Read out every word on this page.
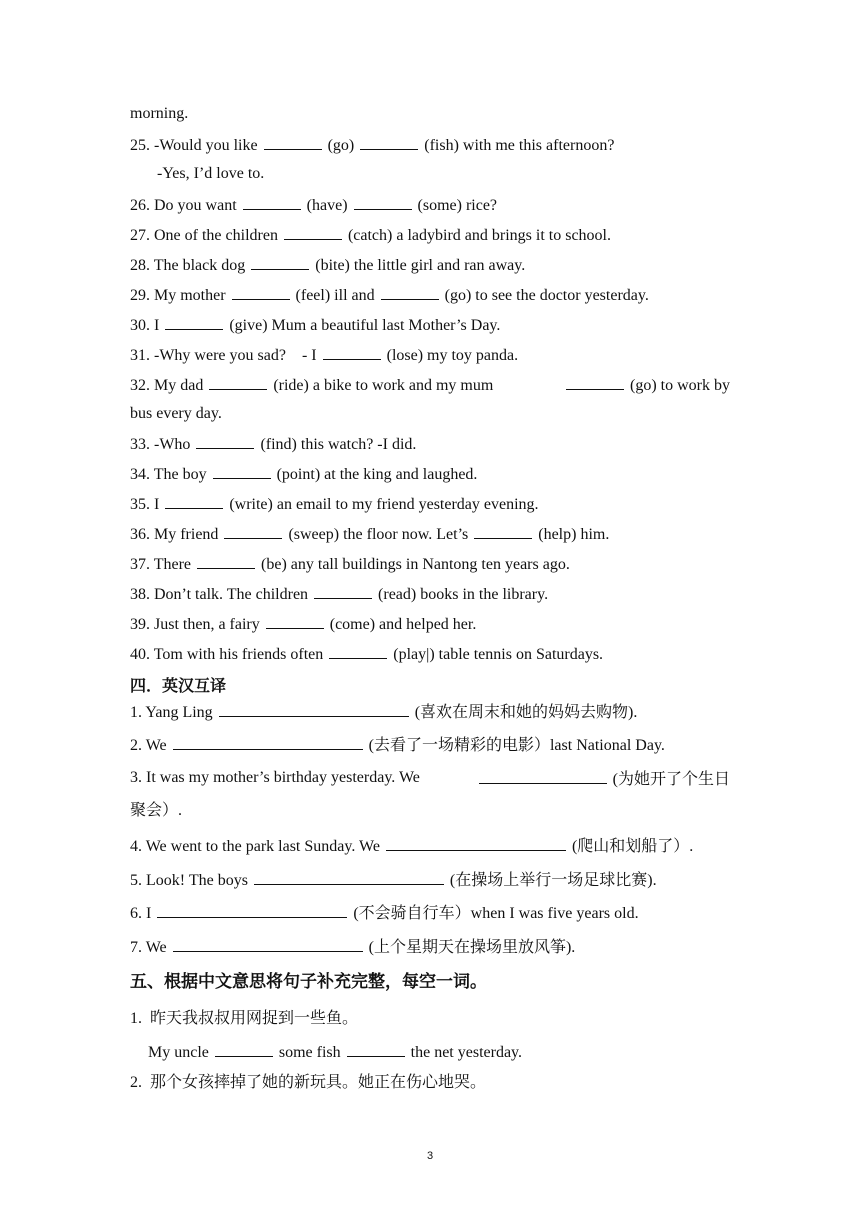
morning.
25. -Would you like	(go)	(fish) with me this afternoon?
-Yes, I’d love to.
26. Do you want	(have)	(some) rice?
27. One of the children	(catch) a ladybird and brings it to school.
28. The black dog	(bite) the little girl and ran away.
29. My mother	(feel) ill and	(go) to see the doctor yesterday.
30. I	(give) Mum a beautiful last Mother’s Day.
31. -Why were you sad?    - I	(lose) my toy panda.
32. My dad	(ride) a bike to work and my mum	(go) to work by
bus every day.
33. -Who	(find) this watch? -I did.
34. The boy	(point) at the king and laughed.
35. I	(write) an email to my friend yesterday evening.
36. My friend	(sweep) the floor now. Let’s	(help) him.
37. There	(be) any tall buildings in Nantong ten years ago.
38. Don’t talk. The children	(read) books in the library.
39. Just then, a fairy	(come) and helped her.
40. Tom with his friends often	(play|) table tennis on Saturdays.
四．英汉互译
1. Yang Ling	(喜欢在周末和她的妈妈去购物).
2. We	(去看了一场精彩的电影）last National Day.
3. It was my mother’s birthday yesterday. We	(为她开了个生日
聚会）.
4. We went to the park last Sunday. We	(爬山和划船了）.
5. Look! The boys	(在操场上举行一场足球比赛).
6. I	(不会骑自行车）when I was five years old.
7. We	(上个星期天在操场里放风筝).
五、根据中文意思将句子补充完整，每空一词。
1.  昨天我叔叔用网捉到一些鱼。
My uncle	some fish	the net yesterday.
2.  那个女孩摔掉了她的新玩具。她正在伤心地哭。
3
